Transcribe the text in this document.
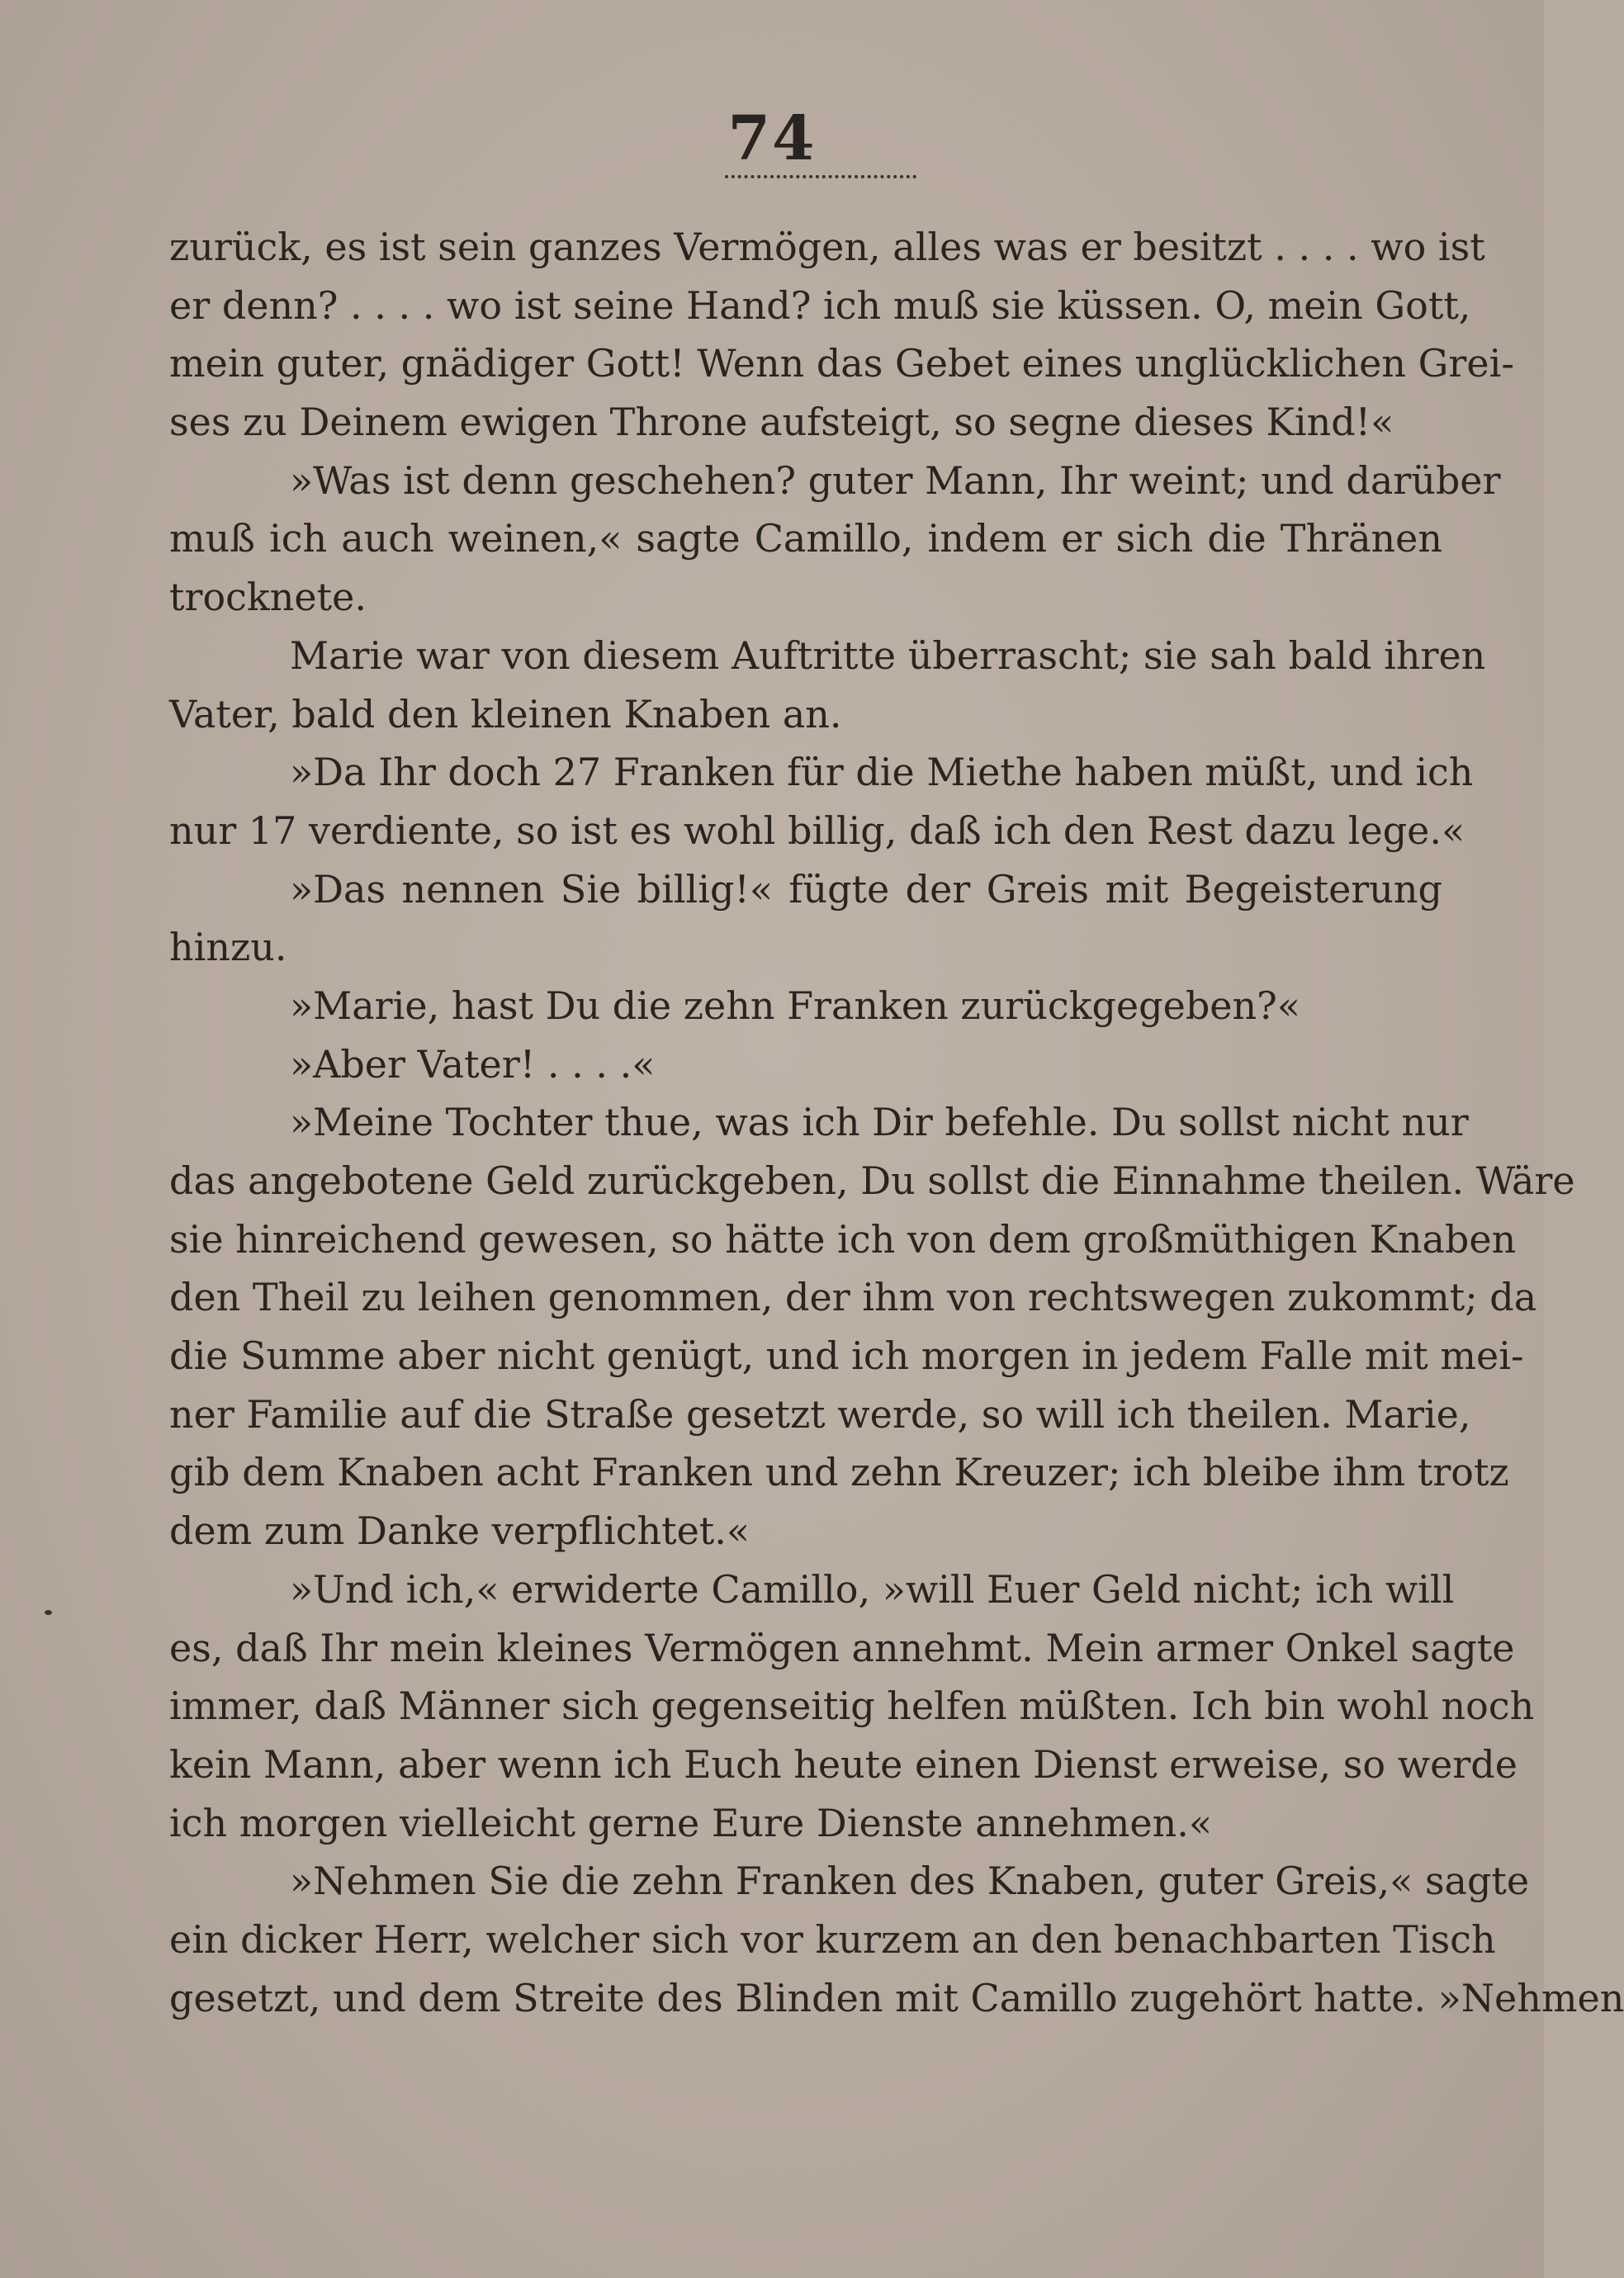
74
zurück, es ist sein ganzes Vermögen, alles was er besitzt . . . . wo ist
er denn? . . . . wo ist seine Hand? ich muß sie küssen. O, mein Gott,
mein guter, gnädiger Gott! Wenn das Gebet eines unglücklichen Grei-
ses zu Deinem ewigen Throne aufsteigt, so segne dieses Kind!«
»Was ist denn geschehen? guter Mann, Ihr weint; und darüber
muß ich auch weinen,« sagte Camillo, indem er sich die Thränen
trocknete.
Marie war von diesem Auftritte überrascht; sie sah bald ihren
Vater, bald den kleinen Knaben an.
»Da Ihr doch 27 Franken für die Miethe haben müßt, und ich
nur 17 verdiente, so ist es wohl billig, daß ich den Rest dazu lege.«
»Das nennen Sie billig!« fügte der Greis mit Begeisterung
hinzu.
»Marie, hast Du die zehn Franken zurückgegeben?«
»Aber Vater! . . . .«
»Meine Tochter thue, was ich Dir befehle. Du sollst nicht nur
das angebotene Geld zurückgeben, Du sollst die Einnahme theilen. Wäre
sie hinreichend gewesen, so hätte ich von dem großmüthigen Knaben
den Theil zu leihen genommen, der ihm von rechtswegen zukommt; da
die Summe aber nicht genügt, und ich morgen in jedem Falle mit mei-
ner Familie auf die Straße gesetzt werde, so will ich theilen. Marie,
gib dem Knaben acht Franken und zehn Kreuzer; ich bleibe ihm trotz
dem zum Danke verpflichtet.«
»Und ich,« erwiderte Camillo, »will Euer Geld nicht; ich will
es, daß Ihr mein kleines Vermögen annehmt. Mein armer Onkel sagte
immer, daß Männer sich gegenseitig helfen müßten. Ich bin wohl noch
kein Mann, aber wenn ich Euch heute einen Dienst erweise, so werde
ich morgen vielleicht gerne Eure Dienste annehmen.«
»Nehmen Sie die zehn Franken des Knaben, guter Greis,« sagte
ein dicker Herr, welcher sich vor kurzem an den benachbarten Tisch
gesetzt, und dem Streite des Blinden mit Camillo zugehört hatte. »Nehmen
